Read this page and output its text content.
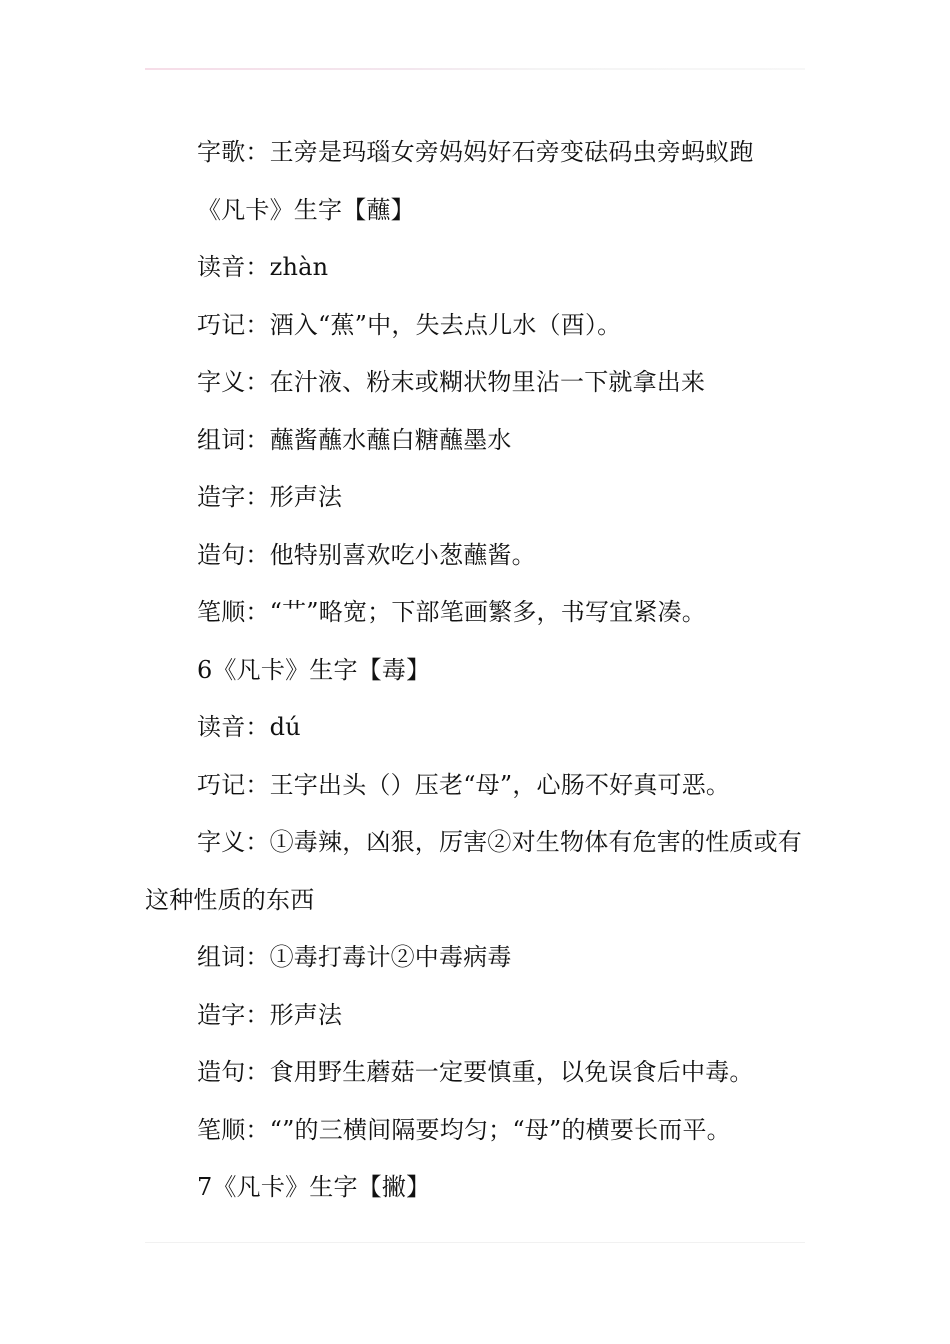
字歌：王旁是玛瑙女旁妈妈好石旁变砝码虫旁蚂蚁跑
《凡卡》生字【蘸】
读音：zhàn
巧记：酒入“蕉”中，失去点儿水（酉）。
字义：在汁液、粉末或糊状物里沾一下就拿出来
组词：蘸酱蘸水蘸白糖蘸墨水
造字：形声法
造句：他特别喜欢吃小葱蘸酱。
笔顺：“艹”略宽；下部笔画繁多，书写宜紧凑。
6《凡卡》生字【毒】
读音：dú
巧记：王字出头（）压老“母”，心肠不好真可恶。
字义：①毒辣，凶狠，厉害②对生物体有危害的性质或有这种性质的东西
组词：①毒打毒计②中毒病毒
造字：形声法
造句：食用野生蘑菇一定要慎重，以免误食后中毒。
笔顺：“”的三横间隔要均匀；“母”的横要长而平。
7《凡卡》生字【撇】
